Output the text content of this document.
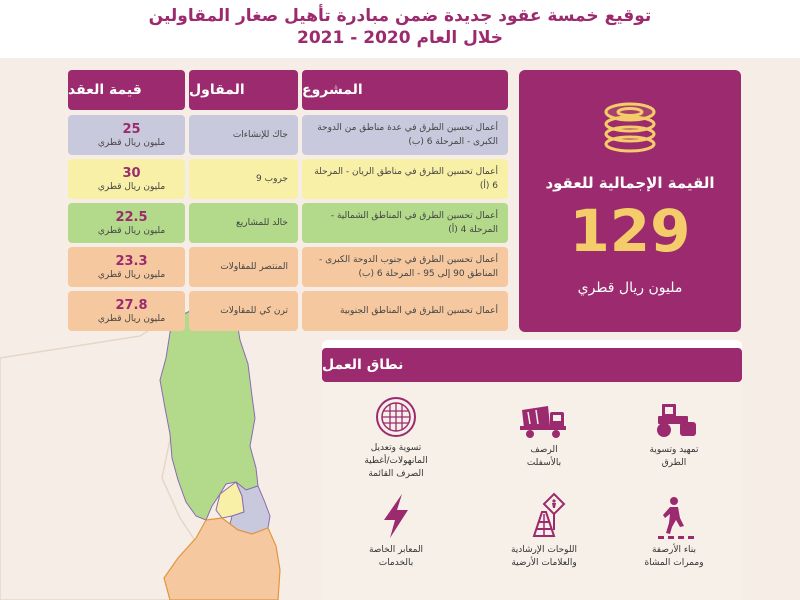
توقيع خمسة عقود جديدة ضمن مبادرة تأهيل صغار المقاولين
خلال العام 2020 - 2021
المشروع
المقاول
قيمة العقد
أعمال تحسين الطرق في عدة مناطق من الدوحة الكبرى - المرحلة 6 (ب)
جاك للإنشاءات
25
مليون ريال قطري
أعمال تحسين الطرق في مناطق الريان - المرحلة 6 (أ)
جروب 9
30
مليون ريال قطري
أعمال تحسين الطرق في المناطق الشمالية - المرحلة 4 (أ)
خالد للمشاريع
22.5
مليون ريال قطري
أعمال تحسين الطرق في جنوب الدوحة الكبرى - المناطق 90 إلى 95 - المرحلة 6 (ب)
المنتصر للمقاولات
23.3
مليون ريال قطري
أعمال تحسين الطرق في المناطق الجنوبية
ترن كي للمقاولات
27.8
مليون ريال قطري
القيمة الإجمالية للعقود
129
مليون ريال قطري
نطاق العمل
تمهيد وتسوية
الطرق
الرصف
بالأسفلت
تسوية وتعديل
المانهولات/أغطية
الصرف القائمة
بناء الأرصفة
وممرات المشاة
اللوحات الإرشادية
والعلامات الأرضية
المعابر الخاصة
بالخدمات
